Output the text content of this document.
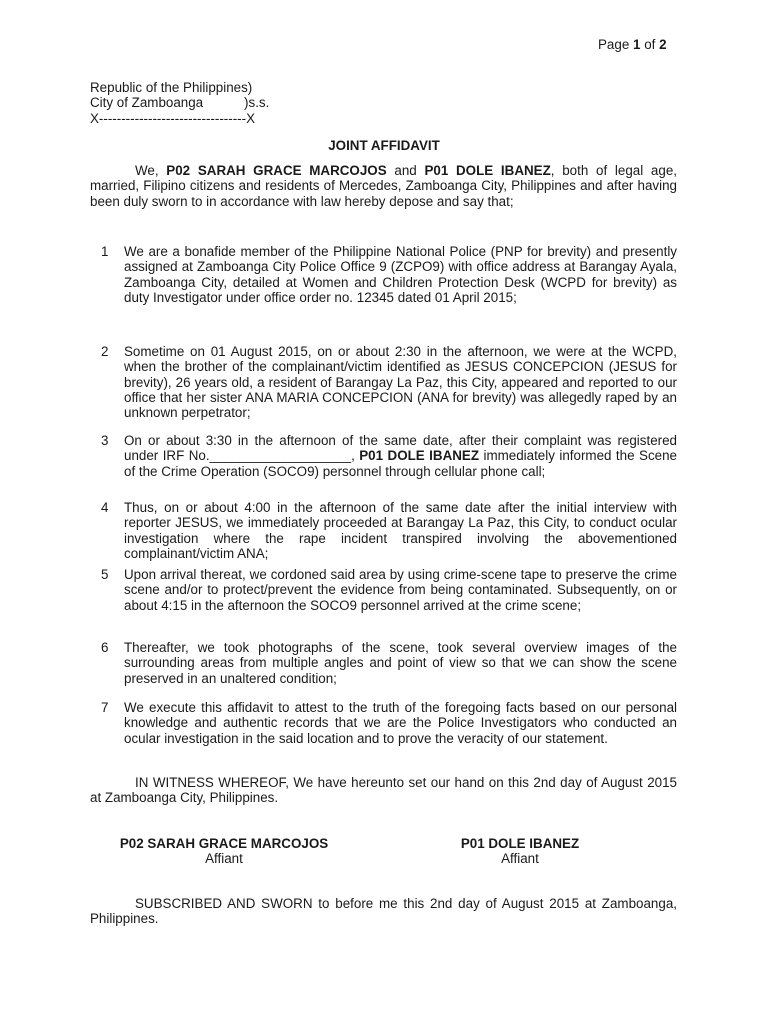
Page 1 of 2
Republic of the Philippines)
City of Zamboanga           )s.s.
X---------------------------------X
JOINT AFFIDAVIT
We, P02 SARAH GRACE MARCOJOS and P01 DOLE IBANEZ, both of legal age, married, Filipino citizens and residents of Mercedes, Zamboanga City, Philippines and after having been duly sworn to in accordance with law hereby depose and say that;
1 We are a bonafide member of the Philippine National Police (PNP for brevity) and presently assigned at Zamboanga City Police Office 9 (ZCPO9) with office address at Barangay Ayala, Zamboanga City, detailed at Women and Children Protection Desk (WCPD for brevity) as duty Investigator under office order no. 12345 dated 01 April 2015;
2 Sometime on 01 August 2015, on or about 2:30 in the afternoon, we were at the WCPD, when the brother of the complainant/victim identified as JESUS CONCEPCION (JESUS for brevity), 26 years old, a resident of Barangay La Paz, this City, appeared and reported to our office that her sister ANA MARIA CONCEPCION (ANA for brevity) was allegedly raped by an unknown perpetrator;
3 On or about 3:30 in the afternoon of the same date, after their complaint was registered under IRF No.___________________, P01 DOLE IBANEZ immediately informed the Scene of the Crime Operation (SOCO9) personnel through cellular phone call;
4 Thus, on or about 4:00 in the afternoon of the same date after the initial interview with reporter JESUS, we immediately proceeded at Barangay La Paz, this City, to conduct ocular investigation where the rape incident transpired involving the abovementioned complainant/victim ANA;
5 Upon arrival thereat, we cordoned said area by using crime-scene tape to preserve the crime scene and/or to protect/prevent the evidence from being contaminated. Subsequently, on or about 4:15 in the afternoon the SOCO9 personnel arrived at the crime scene;
6 Thereafter, we took photographs of the scene, took several overview images of the surrounding areas from multiple angles and point of view so that we can show the scene preserved in an unaltered condition;
7 We execute this affidavit to attest to the truth of the foregoing facts based on our personal knowledge and authentic records that we are the Police Investigators who conducted an ocular investigation in the said location and to prove the veracity of our statement.
IN WITNESS WHEREOF, We have hereunto set our hand on this 2nd day of August 2015 at Zamboanga City, Philippines.
P02 SARAH GRACE MARCOJOS
Affiant
P01 DOLE IBANEZ
Affiant
SUBSCRIBED AND SWORN to before me this 2nd day of August 2015 at Zamboanga, Philippines.
